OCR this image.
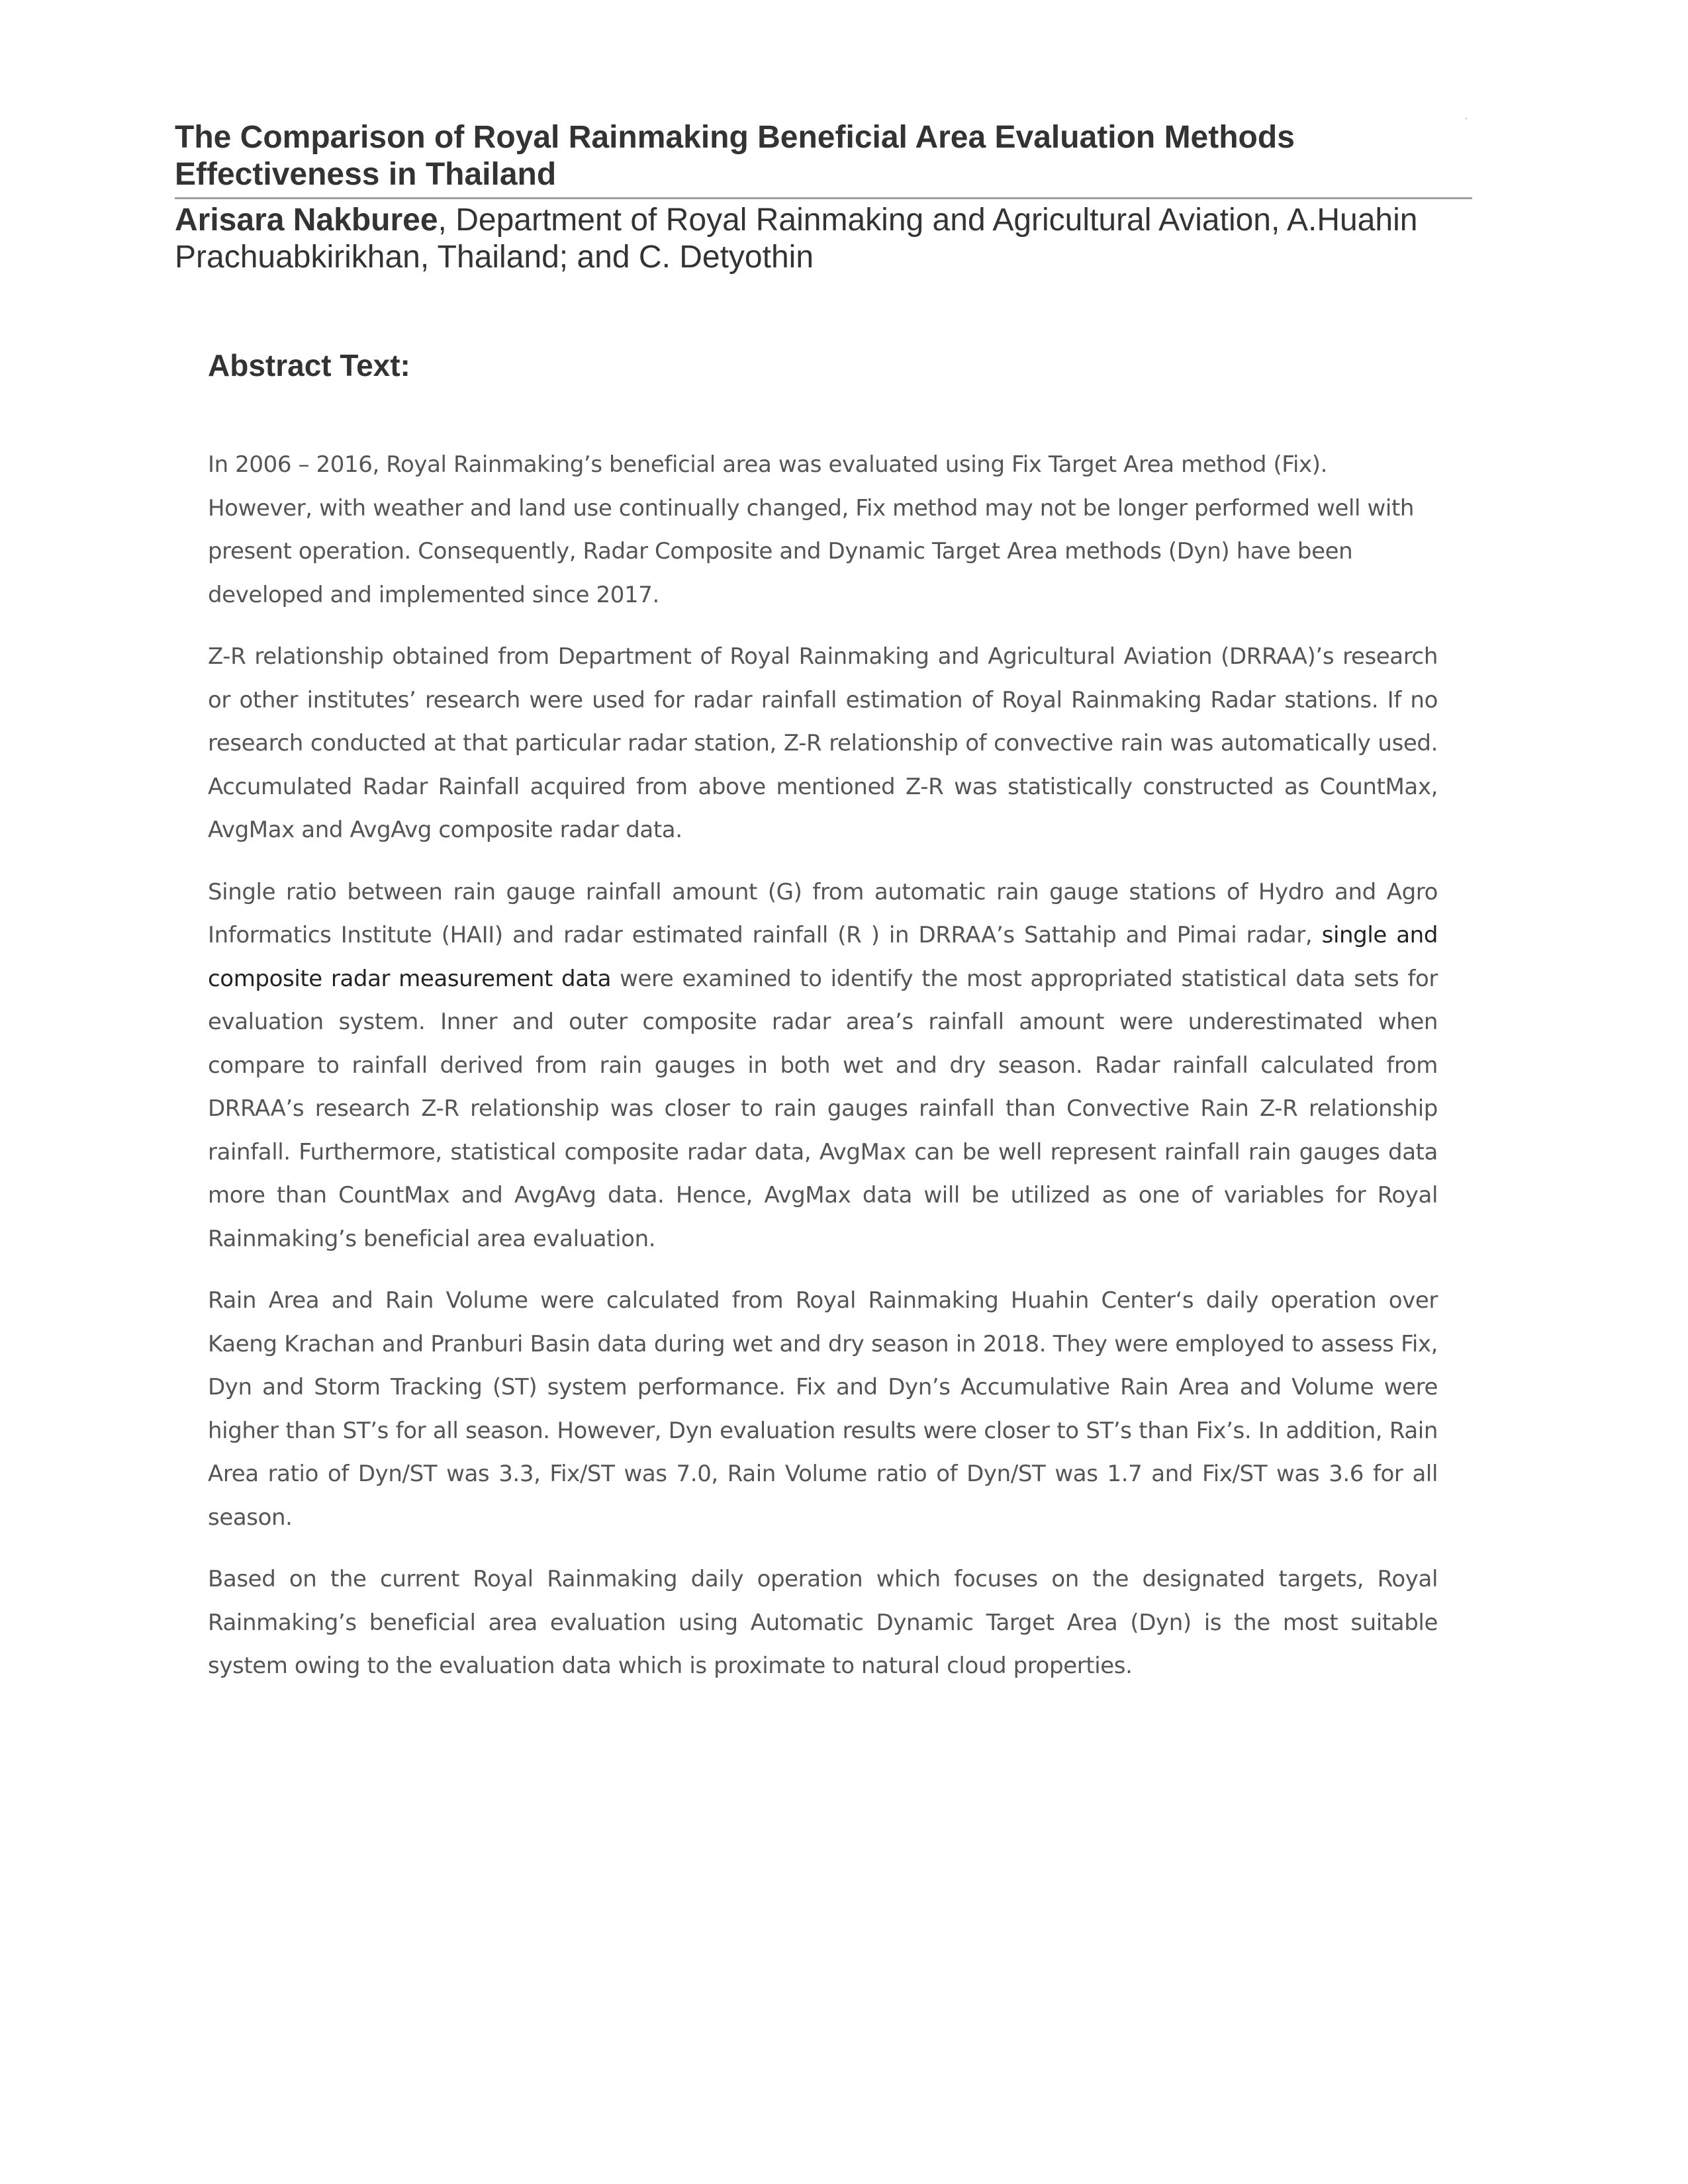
The Comparison of Royal Rainmaking Beneficial Area Evaluation Methods Effectiveness in Thailand
Arisara Nakburee, Department of Royal Rainmaking and Agricultural Aviation, A.Huahin Prachuabkirikhan, Thailand; and C. Detyothin
Abstract Text:

In 2006 – 2016, Royal Rainmaking’s beneficial area was evaluated using Fix Target Area method (Fix). However, with weather and land use continually changed, Fix method may not be longer performed well with present operation. Consequently, Radar Composite and Dynamic Target Area methods (Dyn) have been developed and implemented since 2017.

Z-R relationship obtained from Department of Royal Rainmaking and Agricultural Aviation (DRRAA)’s research or other institutes’ research were used for radar rainfall estimation of Royal Rainmaking Radar stations. If no research conducted at that particular radar station, Z-R relationship of convective rain was automatically used. Accumulated Radar Rainfall acquired from above mentioned Z-R was statistically constructed as CountMax, AvgMax and AvgAvg composite radar data.

Single ratio between rain gauge rainfall amount (G) from automatic rain gauge stations of Hydro and Agro Informatics Institute (HAII) and radar estimated rainfall (R ) in DRRAA’s Sattahip and Pimai radar, single and composite radar measurement data were examined to identify the most appropriated statistical data sets for evaluation system. Inner and outer composite radar area’s rainfall amount were underestimated when compare to rainfall derived from rain gauges in both wet and dry season. Radar rainfall calculated from DRRAA’s research Z-R relationship was closer to rain gauges rainfall than Convective Rain Z-R relationship rainfall. Furthermore, statistical composite radar data, AvgMax can be well represent rainfall rain gauges data more than CountMax and AvgAvg data. Hence, AvgMax data will be utilized as one of variables for Royal Rainmaking’s beneficial area evaluation.

Rain Area and Rain Volume were calculated from Royal Rainmaking Huahin Center‘s daily operation over Kaeng Krachan and Pranburi Basin data during wet and dry season in 2018. They were employed to assess Fix, Dyn and Storm Tracking (ST) system performance. Fix and Dyn’s Accumulative Rain Area and Volume were higher than ST’s for all season. However, Dyn evaluation results were closer to ST’s than Fix’s. In addition, Rain Area ratio of Dyn/ST was 3.3, Fix/ST was 7.0, Rain Volume ratio of Dyn/ST was 1.7 and Fix/ST was 3.6 for all season.

Based on the current Royal Rainmaking daily operation which focuses on the designated targets, Royal Rainmaking’s beneficial area evaluation using Automatic Dynamic Target Area (Dyn) is the most suitable system owing to the evaluation data which is proximate to natural cloud properties.
